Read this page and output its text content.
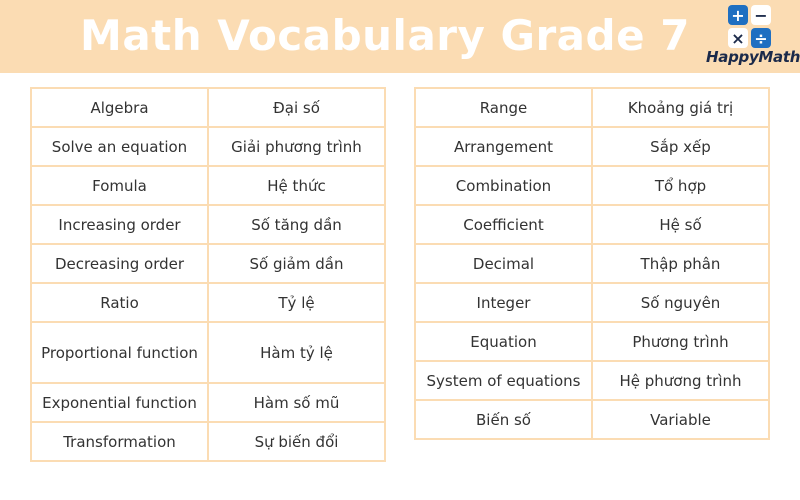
Math Vocabulary Grade 7	+ −
× ÷
HappyMath
Algebra	Đại số
Solve an equation	Giải phương trình
Fomula	Hệ thức
Increasing order	Số tăng dần
Decreasing order	Số giảm dần
Ratio	Tỷ lệ
Proportional function	Hàm tỷ lệ
Exponential function	Hàm số mũ
Transformation	Sự biến đổi
Range	Khoảng giá trị
Arrangement	Sắp xếp
Combination	Tổ hợp
Coefficient	Hệ số
Decimal	Thập phân
Integer	Số nguyên
Equation	Phương trình
System of equations	Hệ phương trình
Biến số	Variable
